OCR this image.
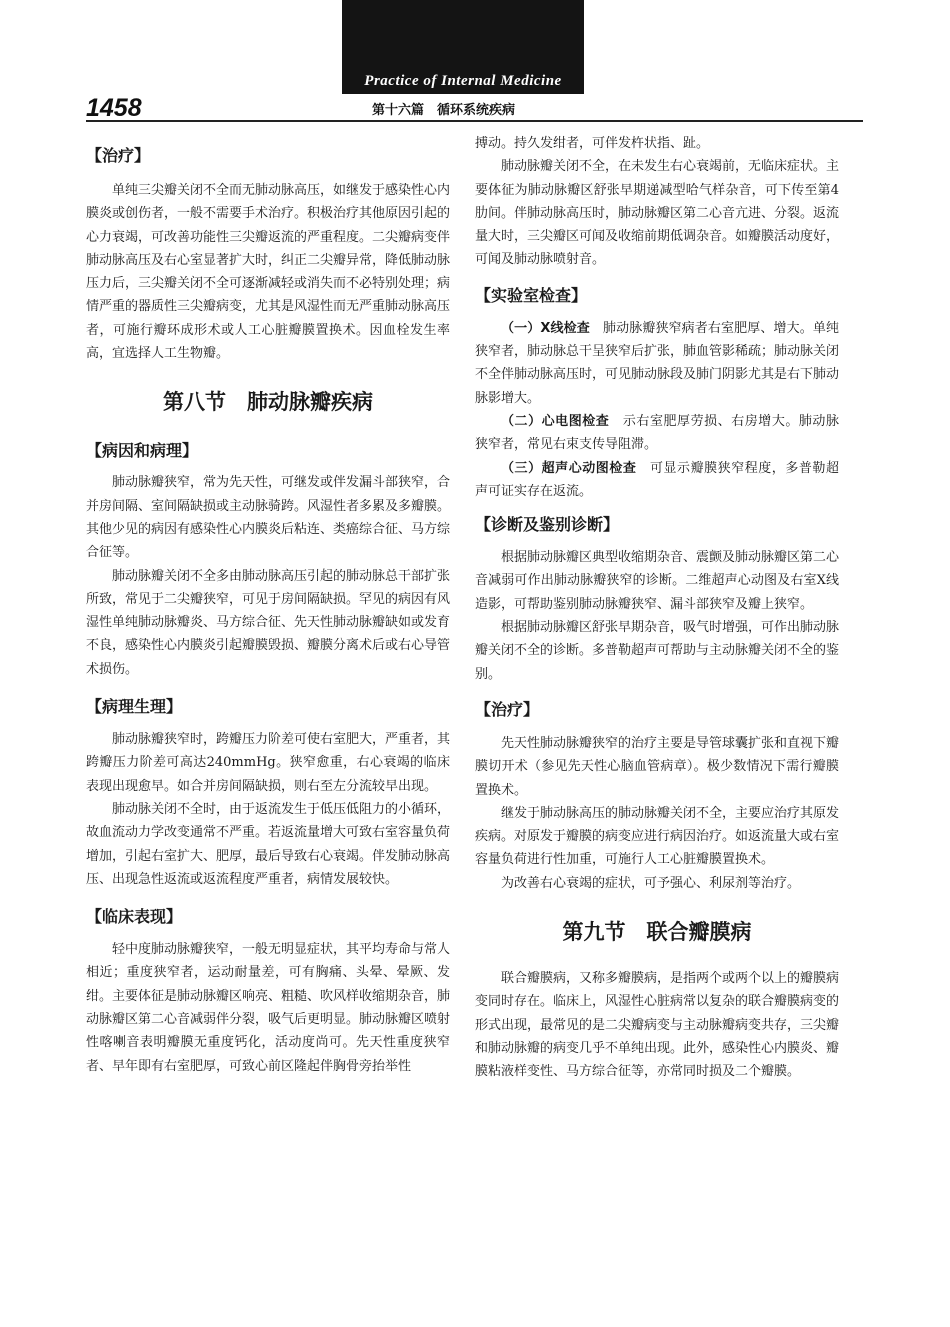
Practice of Internal Medicine
1458	第十六篇　循环系统疾病
【治疗】

单纯三尖瓣关闭不全而无肺动脉高压，如继发于感染性心内膜炎或创伤者，一般不需要手术治疗。积极治疗其他原因引起的心力衰竭，可改善功能性三尖瓣返流的严重程度。二尖瓣病变伴肺动脉高压及右心室显著扩大时，纠正二尖瓣异常，降低肺动脉压力后，三尖瓣关闭不全可逐渐减轻或消失而不必特别处理；病情严重的器质性三尖瓣病变，尤其是风湿性而无严重肺动脉高压者，可施行瓣环成形术或人工心脏瓣膜置换术。因血栓发生率高，宜选择人工生物瓣。

第八节　肺动脉瓣疾病
【病因和病理】

肺动脉瓣狭窄，常为先天性，可继发或伴发漏斗部狭窄，合并房间隔、室间隔缺损或主动脉骑跨。风湿性者多累及多瓣膜。其他少见的病因有感染性心内膜炎后粘连、类癌综合征、马方综合征等。

肺动脉瓣关闭不全多由肺动脉高压引起的肺动脉总干部扩张所致，常见于二尖瓣狭窄，可见于房间隔缺损。罕见的病因有风湿性单纯肺动脉瓣炎、马方综合征、先天性肺动脉瓣缺如或发育不良，感染性心内膜炎引起瓣膜毁损、瓣膜分离术后或右心导管术损伤。

【病理生理】

肺动脉瓣狭窄时，跨瓣压力阶差可使右室肥大，严重者，其跨瓣压力阶差可高达240mmHg。狭窄愈重，右心衰竭的临床表现出现愈早。如合并房间隔缺损，则右至左分流较早出现。

肺动脉关闭不全时，由于返流发生于低压低阻力的小循环，故血流动力学改变通常不严重。若返流量增大可致右室容量负荷增加，引起右室扩大、肥厚，最后导致右心衰竭。伴发肺动脉高压、出现急性返流或返流程度严重者，病情发展较快。

【临床表现】

轻中度肺动脉瓣狭窄，一般无明显症状，其平均寿命与常人相近；重度狭窄者，运动耐量差，可有胸痛、头晕、晕厥、发绀。主要体征是肺动脉瓣区响亮、粗糙、吹风样收缩期杂音，肺动脉瓣区第二心音减弱伴分裂，吸气后更明显。肺动脉瓣区喷射性喀喇音表明瓣膜无重度钙化，活动度尚可。先天性重度狭窄者、早年即有右室肥厚，可致心前区隆起伴胸骨旁抬举性

搏动。持久发绀者，可伴发杵状指、趾。

肺动脉瓣关闭不全，在未发生右心衰竭前，无临床症状。主要体征为肺动脉瓣区舒张早期递减型哈气样杂音，可下传至第4肋间。伴肺动脉高压时，肺动脉瓣区第二心音亢进、分裂。返流量大时，三尖瓣区可闻及收缩前期低调杂音。如瓣膜活动度好，可闻及肺动脉喷射音。

【实验室检查】

（一）X线检查　肺动脉瓣狭窄病者右室肥厚、增大。单纯狭窄者，肺动脉总干呈狭窄后扩张，肺血管影稀疏；肺动脉关闭不全伴肺动脉高压时，可见肺动脉段及肺门阴影尤其是右下肺动脉影增大。

（二）心电图检查　示右室肥厚劳损、右房增大。肺动脉狭窄者，常见右束支传导阻滞。

（三）超声心动图检查　可显示瓣膜狭窄程度，多普勒超声可证实存在返流。

【诊断及鉴别诊断】

根据肺动脉瓣区典型收缩期杂音、震颤及肺动脉瓣区第二心音减弱可作出肺动脉瓣狭窄的诊断。二维超声心动图及右室X线造影，可帮助鉴别肺动脉瓣狭窄、漏斗部狭窄及瓣上狭窄。

根据肺动脉瓣区舒张早期杂音，吸气时增强，可作出肺动脉瓣关闭不全的诊断。多普勒超声可帮助与主动脉瓣关闭不全的鉴别。

【治疗】

先天性肺动脉瓣狭窄的治疗主要是导管球囊扩张和直视下瓣膜切开术（参见先天性心脑血管病章）。极少数情况下需行瓣膜置换术。

继发于肺动脉高压的肺动脉瓣关闭不全，主要应治疗其原发疾病。对原发于瓣膜的病变应进行病因治疗。如返流量大或右室容量负荷进行性加重，可施行人工心脏瓣膜置换术。

为改善右心衰竭的症状，可予强心、利尿剂等治疗。

第九节　联合瓣膜病

联合瓣膜病，又称多瓣膜病，是指两个或两个以上的瓣膜病变同时存在。临床上，风湿性心脏病常以复杂的联合瓣膜病变的形式出现，最常见的是二尖瓣病变与主动脉瓣病变共存，三尖瓣和肺动脉瓣的病变几乎不单纯出现。此外，感染性心内膜炎、瓣膜粘液样变性、马方综合征等，亦常同时损及二个瓣膜。
